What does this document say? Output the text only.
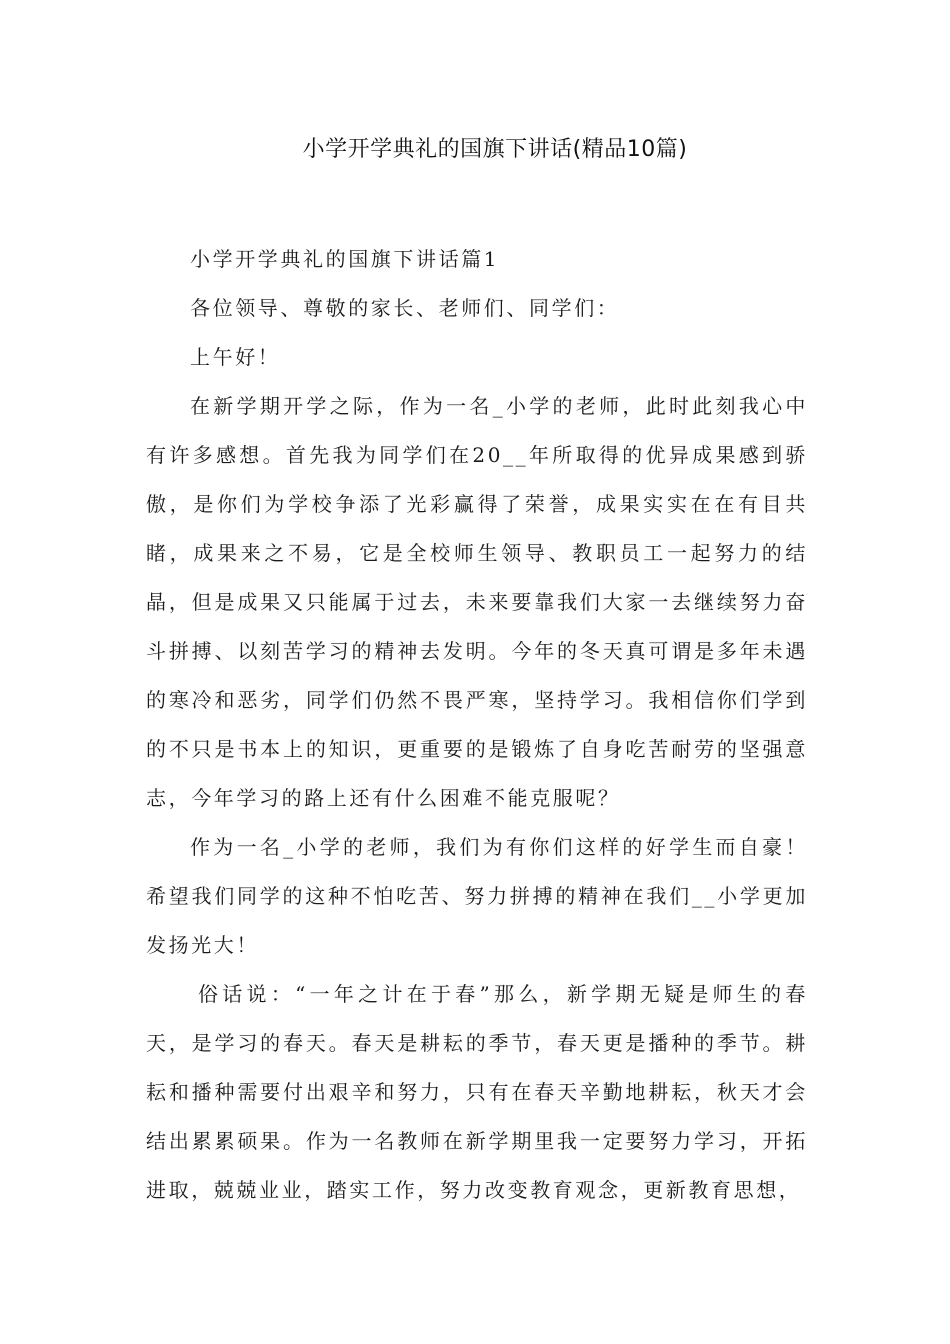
小学开学典礼的国旗下讲话(精品10篇)

小学开学典礼的国旗下讲话篇1

各位领导、尊敬的家长、老师们、同学们：

上午好！

在新学期开学之际，作为一名_小学的老师，此时此刻我心中有许多感想。首先我为同学们在20__年所取得的优异成果感到骄傲，是你们为学校争添了光彩赢得了荣誉，成果实实在在有目共睹，成果来之不易，它是全校师生领导、教职员工一起努力的结晶，但是成果又只能属于过去，未来要靠我们大家一去继续努力奋斗拼搏、以刻苦学习的精神去发明。今年的冬天真可谓是多年未遇的寒冷和恶劣，同学们仍然不畏严寒，坚持学习。我相信你们学到的不只是书本上的知识，更重要的是锻炼了自身吃苦耐劳的坚强意志，今年学习的路上还有什么困难不能克服呢？

作为一名_小学的老师，我们为有你们这样的好学生而自豪！希望我们同学的这种不怕吃苦、努力拼搏的精神在我们__小学更加发扬光大！

俗话说：“一年之计在于春”那么，新学期无疑是师生的春天，是学习的春天。春天是耕耘的季节，春天更是播种的季节。耕耘和播种需要付出艰辛和努力，只有在春天辛勤地耕耘，秋天才会结出累累硕果。作为一名教师在新学期里我一定要努力学习，开拓进取，兢兢业业，踏实工作，努力改变教育观念，更新教育思想，
